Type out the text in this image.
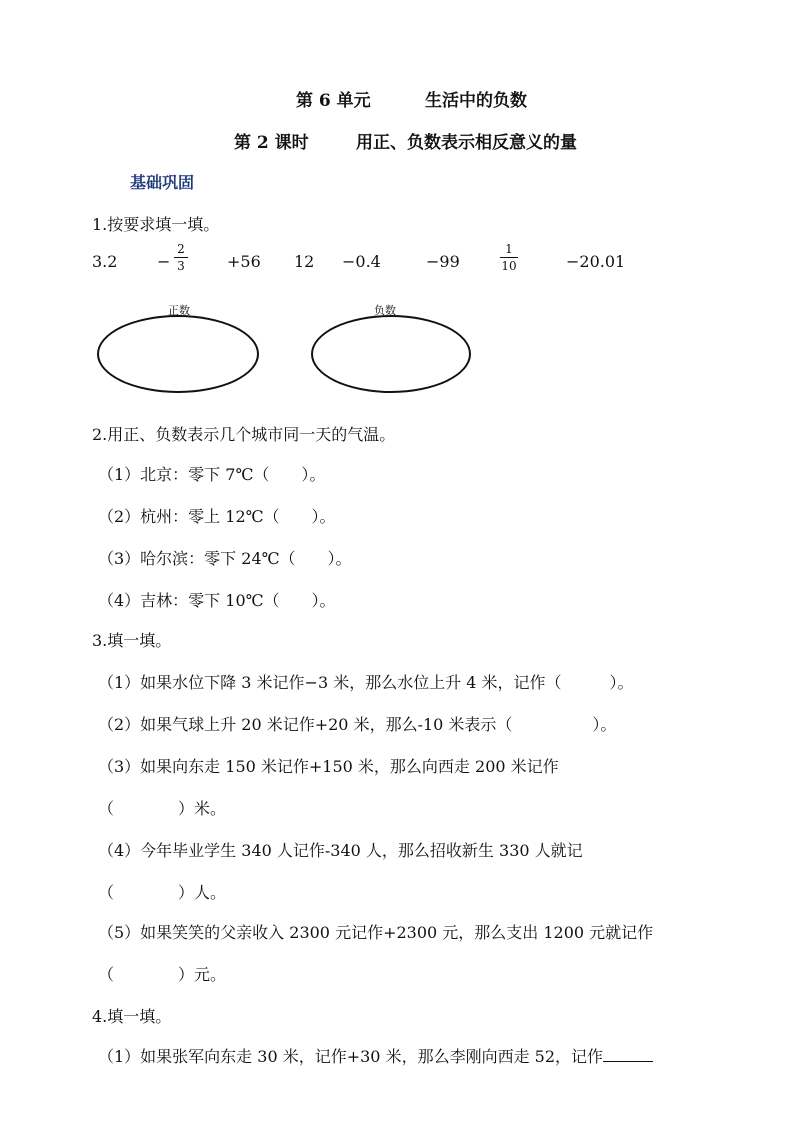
第 6 单元	生活中的负数
第 2 课时	用正、负数表示相反意义的量
基础巩固
1.按要求填一填。
3.2 −
2
3	+56 12 −0.4	−99
1
10	−20.01
正数	负数
2.用正、负数表示几个城市同一天的气温。
（1）北京：零下 7℃（　　）。
（2）杭州：零上 12℃（　　）。
（3）哈尔滨：零下 24℃（　　）。
（4）吉林：零下 10℃（　　）。
3.填一填。
（1）如果水位下降 3 米记作−3 米，那么水位上升 4 米，记作（　　　）。
（2）如果气球上升 20 米记作+20 米，那么-10 米表示（　　　　　）。
（3）如果向东走 150 米记作+150 米，那么向西走 200 米记作
（　　　　）米。
（4）今年毕业学生 340 人记作-340 人，那么招收新生 330 人就记
（　　　　）人。
（5）如果笑笑的父亲收入 2300 元记作+2300 元，那么支出 1200 元就记作
（　　　　）元。
4.填一填。
（1）如果张军向东走 30 米，记作+30 米，那么李刚向西走 52，记作
